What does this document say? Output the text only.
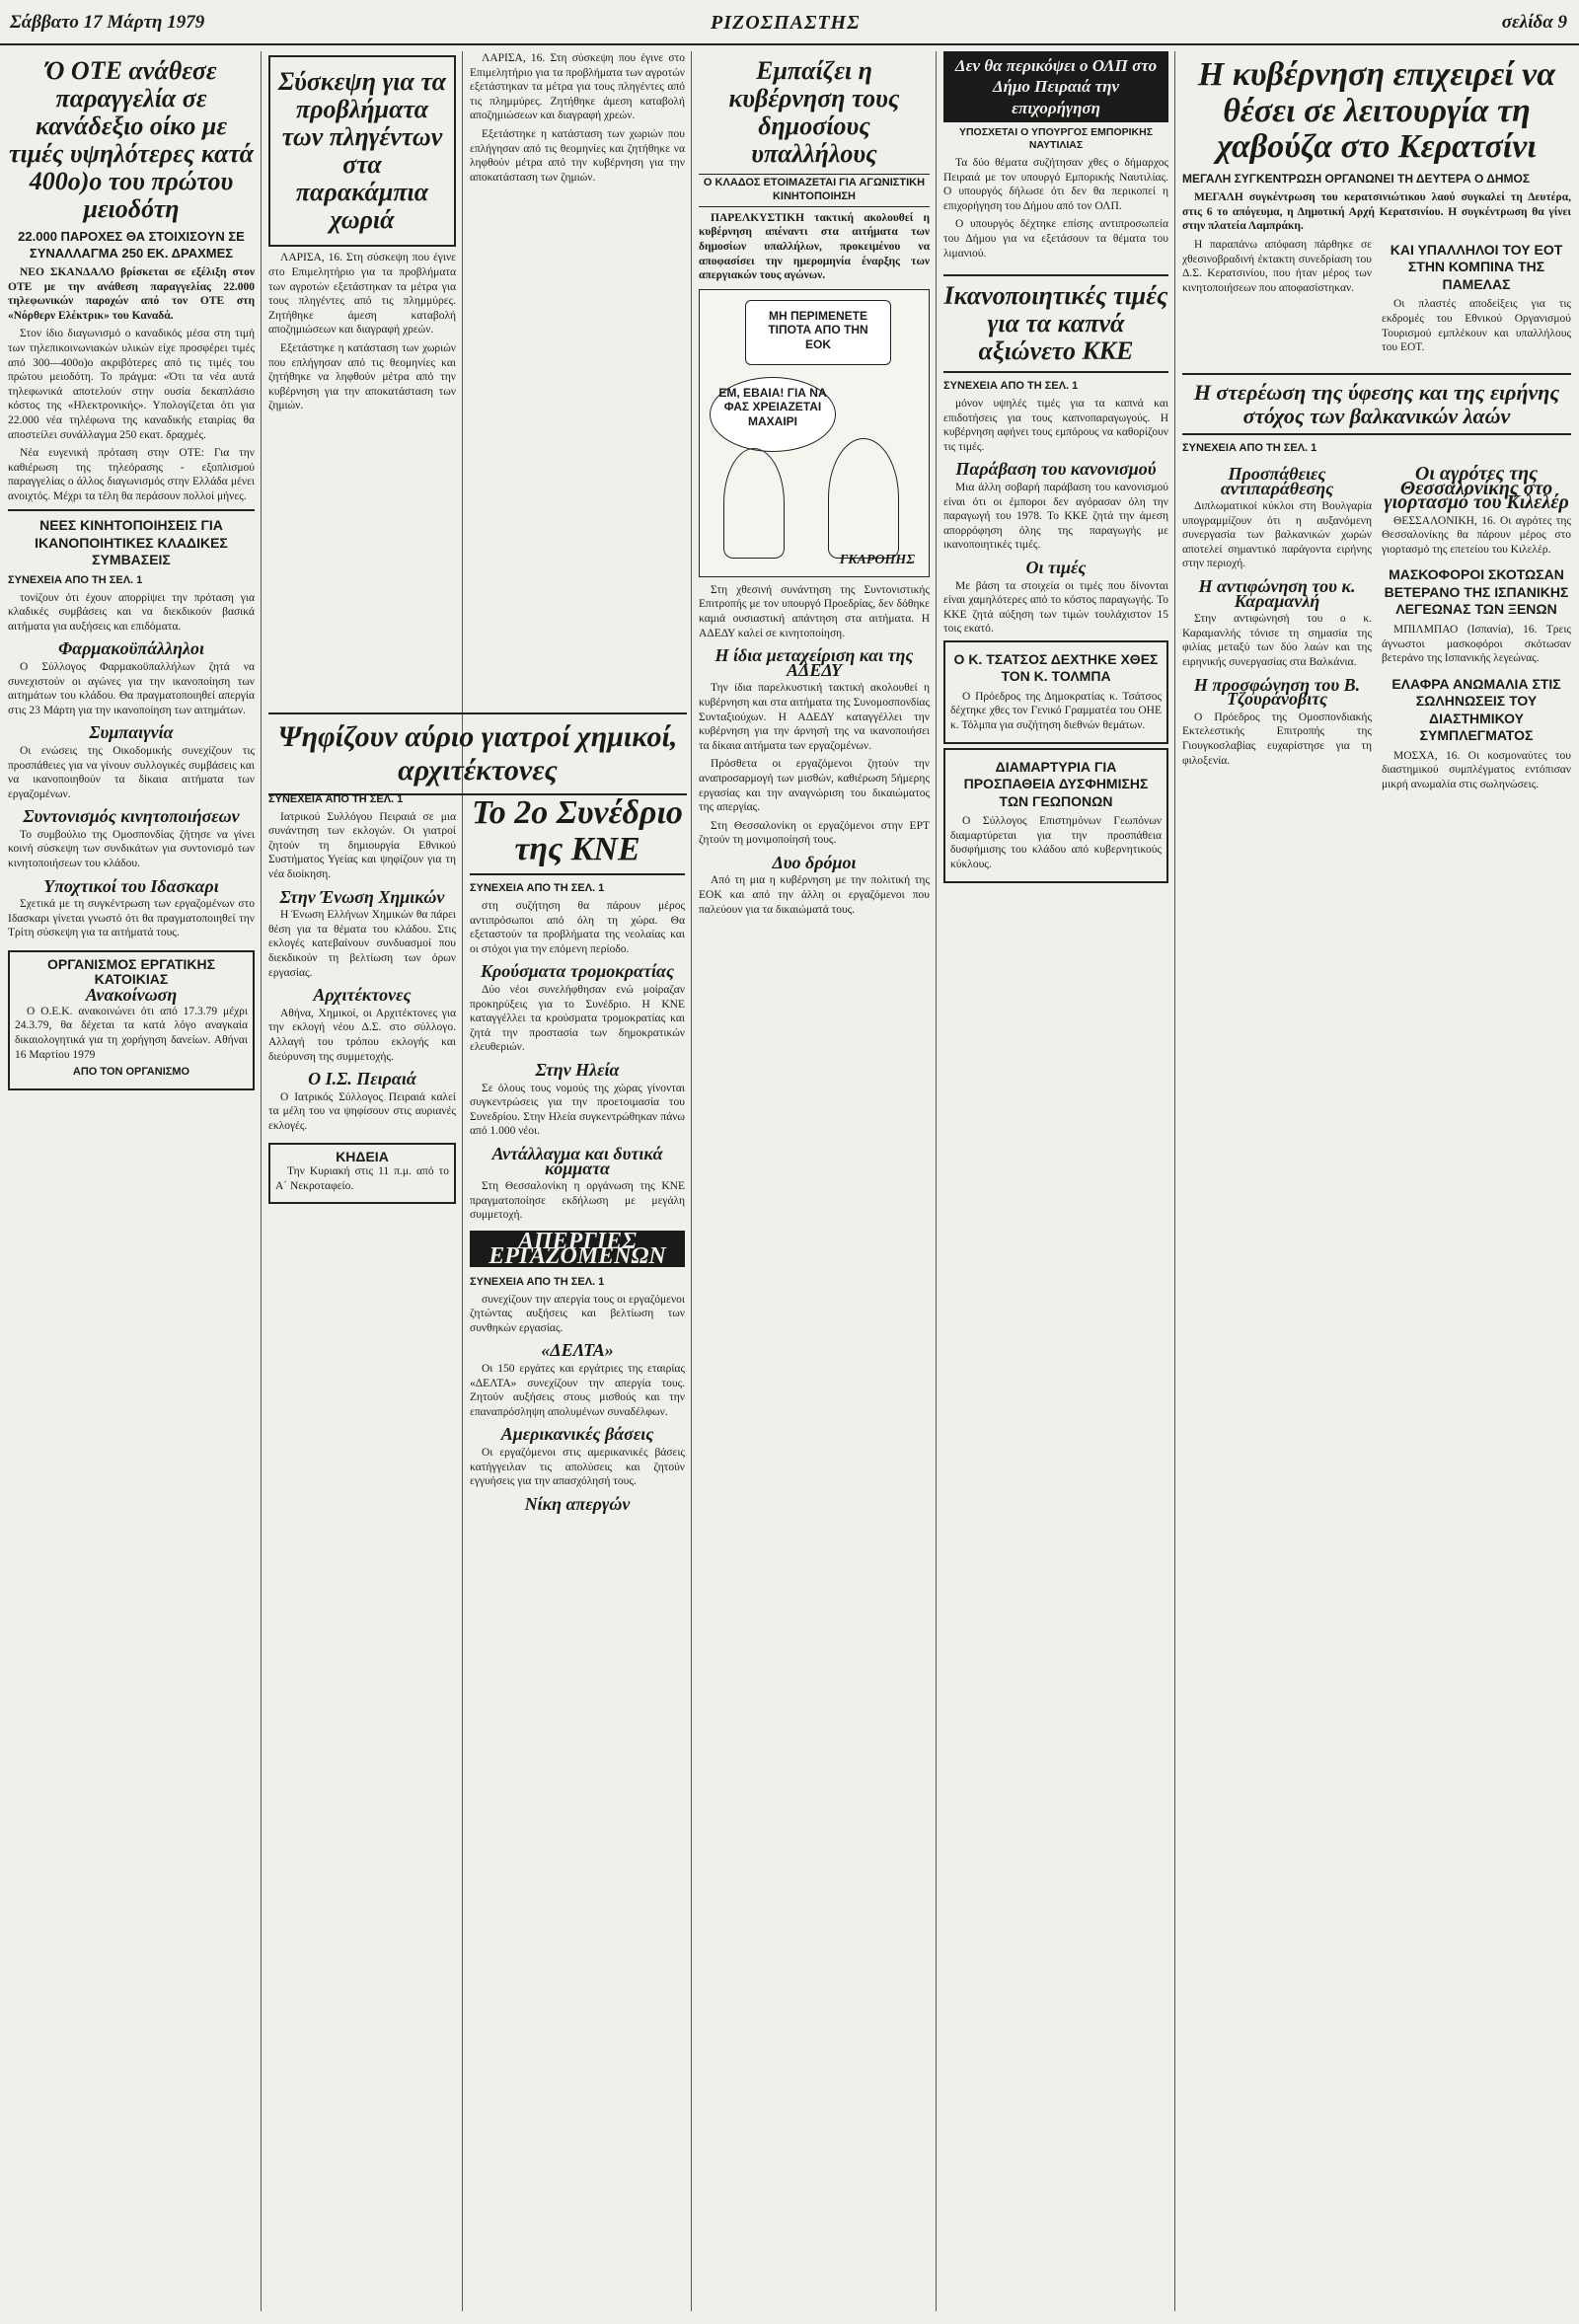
Σάββατο 17 Μάρτη 1979	ΡΙΖΟΣΠΑΣΤΗΣ	σελίδα 9
Ό ΟΤΕ ανάθεσε παραγγελία σε κανάδεξιο οίκο με τιμές υψηλότερες κατά 400ο)ο του πρώτου μειοδότη
22.000 ΠΑΡΟΧΕΣ ΘΑ ΣΤΟΙΧΙΣΟΥΝ ΣΕ ΣΥΝΑΛΛΑΓΜΑ 250 ΕΚ. ΔΡΑΧΜΕΣ

ΝΕΟ ΣΚΑΝΔΑΛΟ βρίσκεται σε εξέλιξη στον ΟΤΕ με την ανάθεση παραγγελίας 22.000 τηλεφωνικών παροχών από τον ΟΤΕ στη «Νόρθερν Ελέκτρικ» του Καναδά.

Στον ίδιο διαγωνισμό ο καναδικός μέσα στη τιμή των τηλεπικοινωνιακών υλικών είχε προσφέρει τιμές από 300—400ο)ο ακριβότερες από τις τιμές του πρώτου μειοδότη. Το πράγμα: «Ότι τα νέα αυτά τηλεφωνικά αποτελούν στην ουσία δεκαπλάσιο κόστος της «Ηλεκτρονικής». Υπολογίζεται ότι για 22.000 νέα τηλέφωνα της καναδικής εταιρίας θα αποστείλει συνάλλαγμα 250 εκατ. δραχμές.

Νέα ευγενική πρόταση στην ΟΤΕ: Για την καθιέρωση της τηλεόρασης - εξοπλισμού παραγγελίας ο άλλος διαγωνισμός στην Ελλάδα μένει ανοιχτός. Μέχρι τα τέλη θα περάσουν πολλοί μήνες.

ΝΕΕΣ ΚΙΝΗΤΟΠΟΙΗΣΕΙΣ ΓΙΑ ΙΚΑΝΟΠΟΙΗΤΙΚΕΣ ΚΛΑΔΙΚΕΣ ΣΥΜΒΑΣΕΙΣ
ΣΥΝΕΧΕΙΑ ΑΠΟ ΤΗ ΣΕΛ. 1

τονίζουν ότι έχουν απορρίψει την πρόταση για κλαδικές συμβάσεις και να διεκδικούν βασικά αιτήματα για αυξήσεις και επιδόματα.

Φαρμακοϋπάλληλοι

Ο Σύλλογος Φαρμακοϋπαλλήλων ζητά να συνεχιστούν οι αγώνες για την ικανοποίηση των αιτημάτων του κλάδου. Θα πραγματοποιηθεί απεργία στις 23 Μάρτη για την ικανοποίηση των αιτημάτων.

Συμπαιγνία

Οι ενώσεις της Οικοδομικής συνεχίζουν τις προσπάθειες για να γίνουν συλλογικές συμβάσεις και να ικανοποιηθούν τα δίκαια αιτήματα των εργαζομένων.

Συντονισμός κινητοποιήσεων

Το συμβούλιο της Ομοσπονδίας ζήτησε να γίνει κοινή σύσκεψη των συνδικάτων για συντονισμό των κινητοποιήσεων του κλάδου.

Υποχτικοί του Ιδασκαρι

Σχετικά με τη συγκέντρωση των εργαζομένων στο Ιδασκαρι γίνεται γνωστό ότι θα πραγματοποιηθεί την Τρίτη σύσκεψη για τα αιτήματά τους.

ΟΡΓΑΝΙΣΜΟΣ ΕΡΓΑΤΙΚΗΣ ΚΑΤΟΙΚΙΑΣ
Ανακοίνωση

Ο Ο.Ε.Κ. ανακοινώνει ότι από 17.3.79 μέχρι 24.3.79, θα δέχεται τα κατά λόγο αναγκαία δικαιολογητικά για τη χορήγηση δανείων. Αθήναι 16 Μαρτίου 1979

ΑΠΟ ΤΟΝ ΟΡΓΑΝΙΣΜΟ
Σύσκεψη για τα προβλήματα των πληγέντων στα παρακάμπια χωριά

ΛΑΡΙΣΑ, 16. Στη σύσκεψη που έγινε στο Επιμελητήριο για τα προβλήματα των αγροτών εξετάστηκαν τα μέτρα για τους πληγέντες από τις πλημμύρες. Ζητήθηκε άμεση καταβολή αποζημιώσεων και διαγραφή χρεών.

Εξετάστηκε η κατάσταση των χωριών που επλήγησαν από τις θεομηνίες και ζητήθηκε να ληφθούν μέτρα από την κυβέρνηση για την αποκατάσταση των ζημιών.

Ψηφίζουν αύριο γιατροί χημικοί, αρχιτέκτονες
ΣΥΝΕΧΕΙΑ ΑΠΟ ΤΗ ΣΕΛ. 1

Ιατρικού Συλλόγου Πειραιά σε μια συνάντηση των εκλογών. Οι γιατροί ζητούν τη δημιουργία Εθνικού Συστήματος Υγείας και ψηφίζουν για τη νέα διοίκηση.

Στην Ένωση Χημικών

Η Ένωση Ελλήνων Χημικών θα πάρει θέση για τα θέματα του κλάδου. Στις εκλογές κατεβαίνουν συνδυασμοί που διεκδικούν τη βελτίωση των όρων εργασίας.

Αρχιτέκτονες

Αθήνα, Χημικοί, οι Αρχιτέκτονες για την εκλογή νέου Δ.Σ. στο σύλλογο. Αλλαγή του τρόπου εκλογής και διεύρυνση της συμμετοχής.

Ο Ι.Σ. Πειραιά

Ο Ιατρικός Σύλλογος Πειραιά καλεί τα μέλη του να ψηφίσουν στις αυριανές εκλογές.

ΚΗΔΕΙΑ

Την Κυριακή στις 11 π.μ. από το Α΄ Νεκροταφείο.

ΛΑΡΙΣΑ, 16. Στη σύσκεψη που έγινε στο Επιμελητήριο για τα προβλήματα των αγροτών εξετάστηκαν τα μέτρα για τους πληγέντες από τις πλημμύρες. Ζητήθηκε άμεση καταβολή αποζημιώσεων και διαγραφή χρεών.

Εξετάστηκε η κατάσταση των χωριών που επλήγησαν από τις θεομηνίες και ζητήθηκε να ληφθούν μέτρα από την κυβέρνηση για την αποκατάσταση των ζημιών.

Το 2ο Συνέδριο της ΚΝΕ
ΣΥΝΕΧΕΙΑ ΑΠΟ ΤΗ ΣΕΛ. 1

στη συζήτηση θα πάρουν μέρος αντιπρόσωποι από όλη τη χώρα. Θα εξεταστούν τα προβλήματα της νεολαίας και οι στόχοι για την επόμενη περίοδο.

Κρούσματα τρομοκρατίας

Δύο νέοι συνελήφθησαν ενώ μοίραζαν προκηρύξεις για το Συνέδριο. Η ΚΝΕ καταγγέλλει τα κρούσματα τρομοκρατίας και ζητά την προστασία των δημοκρατικών ελευθεριών.

Στην Ηλεία

Σε όλους τους νομούς της χώρας γίνονται συγκεντρώσεις για την προετοιμασία του Συνεδρίου. Στην Ηλεία συγκεντρώθηκαν πάνω από 1.000 νέοι.

Αντάλλαγμα και δυτικά κόμματα

Στη Θεσσαλονίκη η οργάνωση της ΚΝΕ πραγματοποίησε εκδήλωση με μεγάλη συμμετοχή.

ΑΠΕΡΓΙΕΣ ΕΡΓΑΖΟΜΕΝΩΝ
ΣΥΝΕΧΕΙΑ ΑΠΟ ΤΗ ΣΕΛ. 1

συνεχίζουν την απεργία τους οι εργαζόμενοι ζητώντας αυξήσεις και βελτίωση των συνθηκών εργασίας.

«ΔΕΛΤΑ»

Οι 150 εργάτες και εργάτριες της εταιρίας «ΔΕΛΤΑ» συνεχίζουν την απεργία τους. Ζητούν αυξήσεις στους μισθούς και την επαναπρόσληψη απολυμένων συναδέλφων.

Αμερικανικές βάσεις

Οι εργαζόμενοι στις αμερικανικές βάσεις κατήγγειλαν τις απολύσεις και ζητούν εγγυήσεις για την απασχόλησή τους.

Νίκη απεργών
Εμπαίζει η κυβέρνηση τους δημοσίους υπαλλήλους
Ο ΚΛΑΔΟΣ ΕΤΟΙΜΑΖΕΤΑΙ ΓΙΑ ΑΓΩΝΙΣΤΙΚΗ ΚΙΝΗΤΟΠΟΙΗΣΗ

ΠΑΡΕΛΚΥΣΤΙΚΗ τακτική ακολουθεί η κυβέρνηση απέναντι στα αιτήματα των δημοσίων υπαλλήλων, προκειμένου να αποφασίσει την ημερομηνία έναρξης των απεργιακών τους αγώνων.

ΜΗ ΠΕΡΙΜΕΝΕΤΕ ΤΙΠΟΤΑ ΑΠΟ ΤΗΝ ΕΟΚ
ΕΜ, ΕΒΑΙΑ! ΓΙΑ ΝΑ ΦΑΣ ΧΡΕΙΑΖΕΤΑΙ ΜΑΧΑΙΡΙ
ΓΚΑΡΟΠΗΣ

Στη χθεσινή συνάντηση της Συντονιστικής Επιτροπής με τον υπουργό Προεδρίας, δεν δόθηκε καμιά ουσιαστική απάντηση στα αιτήματα. Η ΑΔΕΔΥ καλεί σε κινητοποίηση.

Η ίδια μεταχείριση και της ΑΔΕΔΥ

Την ίδια παρελκυστική τακτική ακολουθεί η κυβέρνηση και στα αιτήματα της Συνομοσπονδίας Συνταξιούχων. Η ΑΔΕΔΥ καταγγέλλει την κυβέρνηση για την άρνησή της να ικανοποιήσει τα δίκαια αιτήματα των εργαζομένων.

Πρόσθετα οι εργαζόμενοι ζητούν την αναπροσαρμογή των μισθών, καθιέρωση 5ήμερης εργασίας και την αναγνώριση του δικαιώματος της απεργίας.

Στη Θεσσαλονίκη οι εργαζόμενοι στην ΕΡΤ ζητούν τη μονιμοποίησή τους.

Δυο δρόμοι

Από τη μια η κυβέρνηση με την πολιτική της ΕΟΚ και από την άλλη οι εργαζόμενοι που παλεύουν για τα δικαιώματά τους.

Δεν θα περικόψει ο ΟΛΠ στο Δήμο Πειραιά την επιχορήγηση
ΥΠΟΣΧΕΤΑΙ Ο ΥΠΟΥΡΓΟΣ ΕΜΠΟΡΙΚΗΣ ΝΑΥΤΙΛΙΑΣ

Τα δύο θέματα συζήτησαν χθες ο δήμαρχος Πειραιά με τον υπουργό Εμπορικής Ναυτιλίας. Ο υπουργός δήλωσε ότι δεν θα περικοπεί η επιχορήγηση του Δήμου από τον ΟΛΠ.

Ο υπουργός δέχτηκε επίσης αντιπροσωπεία του Δήμου για να εξετάσουν τα θέματα του λιμανιού.

Ικανοποιητικές τιμές για τα καπνά αξιώνετο ΚΚΕ
ΣΥΝΕΧΕΙΑ ΑΠΟ ΤΗ ΣΕΛ. 1

μόνον υψηλές τιμές για τα καπνά και επιδοτήσεις για τους καπνοπαραγωγούς. Η κυβέρνηση αφήνει τους εμπόρους να καθορίζουν τις τιμές.

Παράβαση του κανονισμού

Μια άλλη σοβαρή παράβαση του κανονισμού είναι ότι οι έμποροι δεν αγόρασαν όλη την παραγωγή του 1978. Το ΚΚΕ ζητά την άμεση απορρόφηση όλης της παραγωγής με ικανοποιητικές τιμές.

Οι τιμές

Με βάση τα στοιχεία οι τιμές που δίνονται είναι χαμηλότερες από το κόστος παραγωγής. Το ΚΚΕ ζητά αύξηση των τιμών τουλάχιστον 15 τοις εκατό.

Ο Κ. ΤΣΑΤΣΟΣ ΔΕΧΤΗΚΕ ΧΘΕΣ ΤΟΝ Κ. ΤΟΛΜΠΑ

Ο Πρόεδρος της Δημοκρατίας κ. Τσάτσος δέχτηκε χθες τον Γενικό Γραμματέα του ΟΗΕ κ. Τόλμπα για συζήτηση διεθνών θεμάτων.

ΔΙΑΜΑΡΤΥΡΙΑ ΓΙΑ ΠΡΟΣΠΑΘΕΙΑ ΔΥΣΦΗΜΙΣΗΣ ΤΩΝ ΓΕΩΠΟΝΩΝ

Ο Σύλλογος Επιστημόνων Γεωπόνων διαμαρτύρεται για την προσπάθεια δυσφήμισης του κλάδου από κυβερνητικούς κύκλους.

Η κυβέρνηση επιχειρεί να θέσει σε λειτουργία τη χαβούζα στο Κερατσίνι
ΜΕΓΑΛΗ ΣΥΓΚΕΝΤΡΩΣΗ ΟΡΓΑΝΩΝΕΙ ΤΗ ΔΕΥΤΕΡΑ Ο ΔΗΜΟΣ

ΜΕΓΑΛΗ συγκέντρωση του κερατσινιώτικου λαού συγκαλεί τη Δευτέρα, στις 6 το απόγευμα, η Δημοτική Αρχή Κερατσινίου. Η συγκέντρωση θα γίνει στην πλατεία Λαμπράκη.

Η παραπάνω απόφαση πάρθηκε σε χθεσινοβραδινή έκτακτη συνεδρίαση του Δ.Σ. Κερατσινίου, που ήταν μέρος των κινητοποιήσεων που αποφασίστηκαν.

ΚΑΙ ΥΠΑΛΛΗΛΟΙ ΤΟΥ ΕΟΤ ΣΤΗΝ ΚΟΜΠΙΝΑ ΤΗΣ ΠΑΜΕΛΑΣ

Οι πλαστές αποδείξεις για τις εκδρομές του Εθνικού Οργανισμού Τουρισμού εμπλέκουν και υπαλλήλους του ΕΟΤ.

Η στερέωση της ύφεσης και της ειρήνης στόχος των βαλκανικών λαών
ΣΥΝΕΧΕΙΑ ΑΠΟ ΤΗ ΣΕΛ. 1
Προσπάθειες αντιπαράθεσης

Διπλωματικοί κύκλοι στη Βουλγαρία υπογραμμίζουν ότι η αυξανόμενη συνεργασία των βαλκανικών χωρών αποτελεί σημαντικό παράγοντα ειρήνης στην περιοχή.

Η αντιφώνηση του κ. Καραμανλή

Στην αντιφώνησή του ο κ. Καραμανλής τόνισε τη σημασία της φιλίας μεταξύ των δύο λαών και της ειρηνικής συνεργασίας στα Βαλκάνια.

Η προσφώνηση του Β. Τζουράνοβιτς

Ο Πρόεδρος της Ομοσπονδιακής Εκτελεστικής Επιτροπής της Γιουγκοσλαβίας ευχαρίστησε για τη φιλοξενία.

Οι αγρότες της Θεσσαλονίκης στο γιορτασμό του Κιλελέρ

ΘΕΣΣΑΛΟΝΙΚΗ, 16. Οι αγρότες της Θεσσαλονίκης θα πάρουν μέρος στο γιορτασμό της επετείου του Κιλελέρ.

ΜΑΣΚΟΦΟΡΟΙ ΣΚΟΤΩΣΑΝ ΒΕΤΕΡΑΝΟ ΤΗΣ ΙΣΠΑΝΙΚΗΣ ΛΕΓΕΩΝΑΣ ΤΩΝ ΞΕΝΩΝ

ΜΠΙΛΜΠΑΟ (Ισπανία), 16. Τρεις άγνωστοι μασκοφόροι σκότωσαν βετεράνο της Ισπανικής λεγεώνας.

ΕΛΑΦΡΑ ΑΝΩΜΑΛΙΑ ΣΤΙΣ ΣΩΛΗΝΩΣΕΙΣ ΤΟΥ ΔΙΑΣΤΗΜΙΚΟΥ ΣΥΜΠΛΕΓΜΑΤΟΣ

ΜΟΣΧΑ, 16. Οι κοσμοναύτες του διαστημικού συμπλέγματος εντόπισαν μικρή ανωμαλία στις σωληνώσεις.
